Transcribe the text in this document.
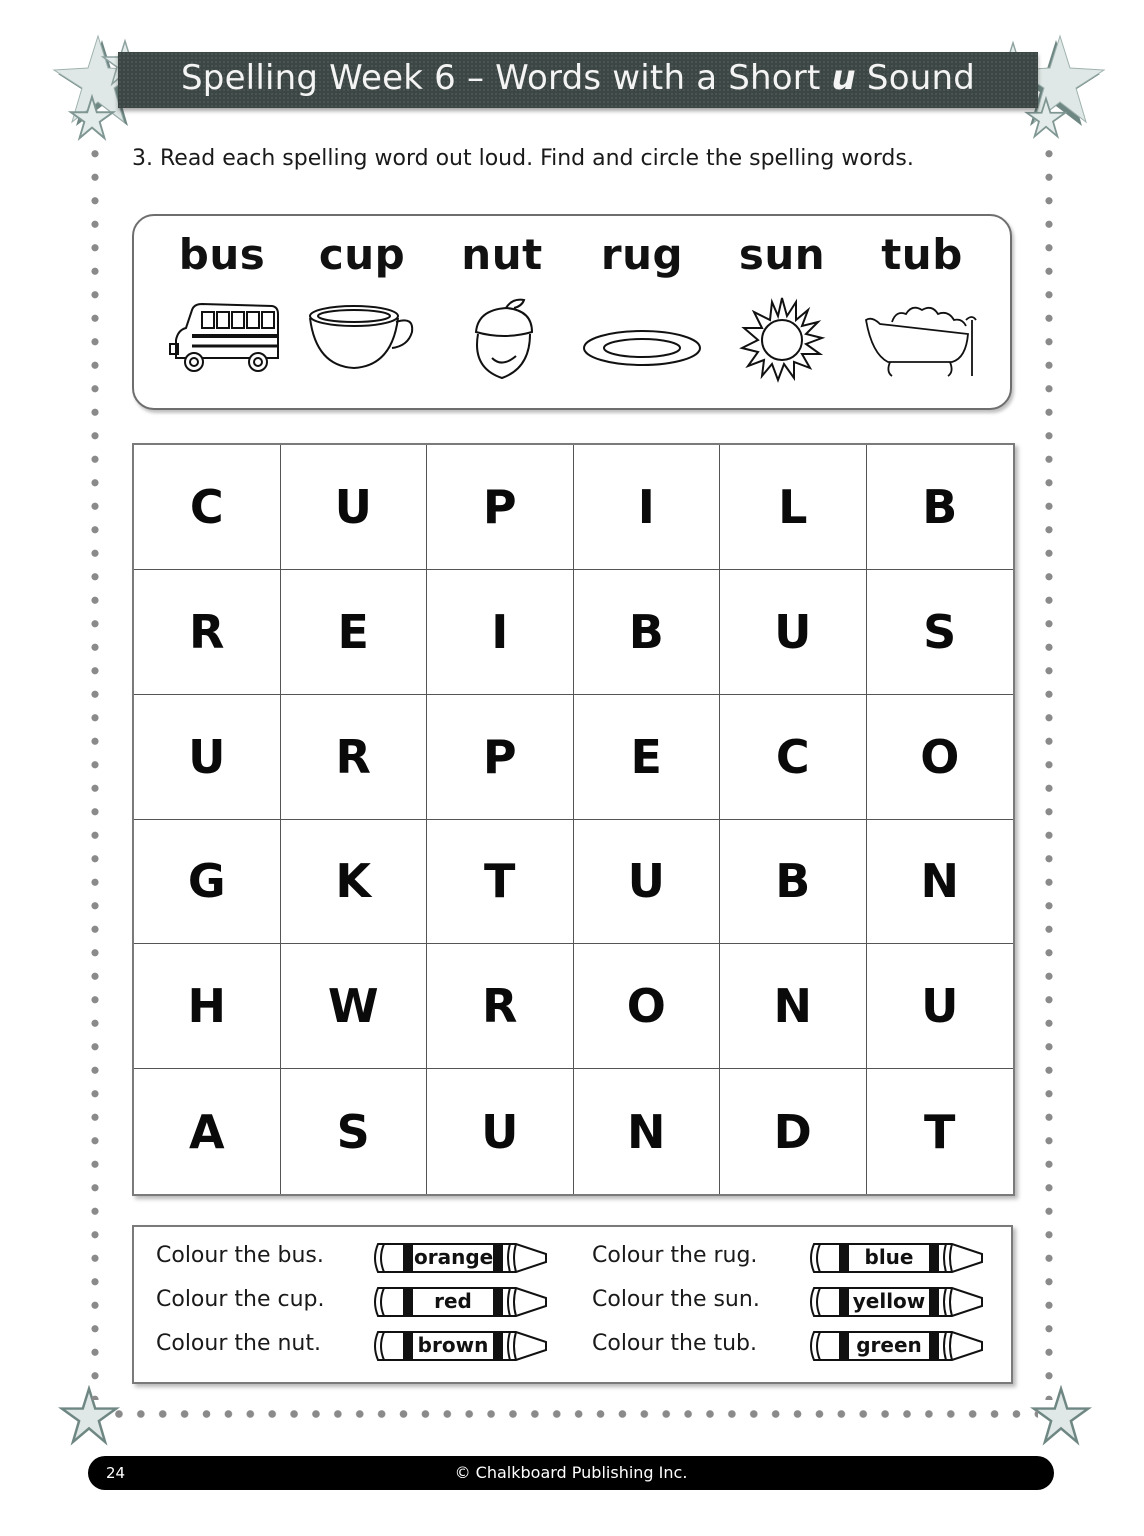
Spelling Week 6 – Words with a Short u Sound
3. Read each spelling word out loud. Find and circle the spelling words.
bus	cup	nut	rug	sun	tub
C	U	P	I	L	B
R	E	I	B	U	S
U	R	P	E	C	O
G	K	T	U	B	N
H	W	R	O	N	U
A	S	U	N	D	T
Colour the bus.	orange
Colour the cup.	red
Colour the nut.	brown
Colour the rug.	blue
Colour the sun.	yellow
Colour the tub.	green
24	© Chalkboard Publishing Inc.
